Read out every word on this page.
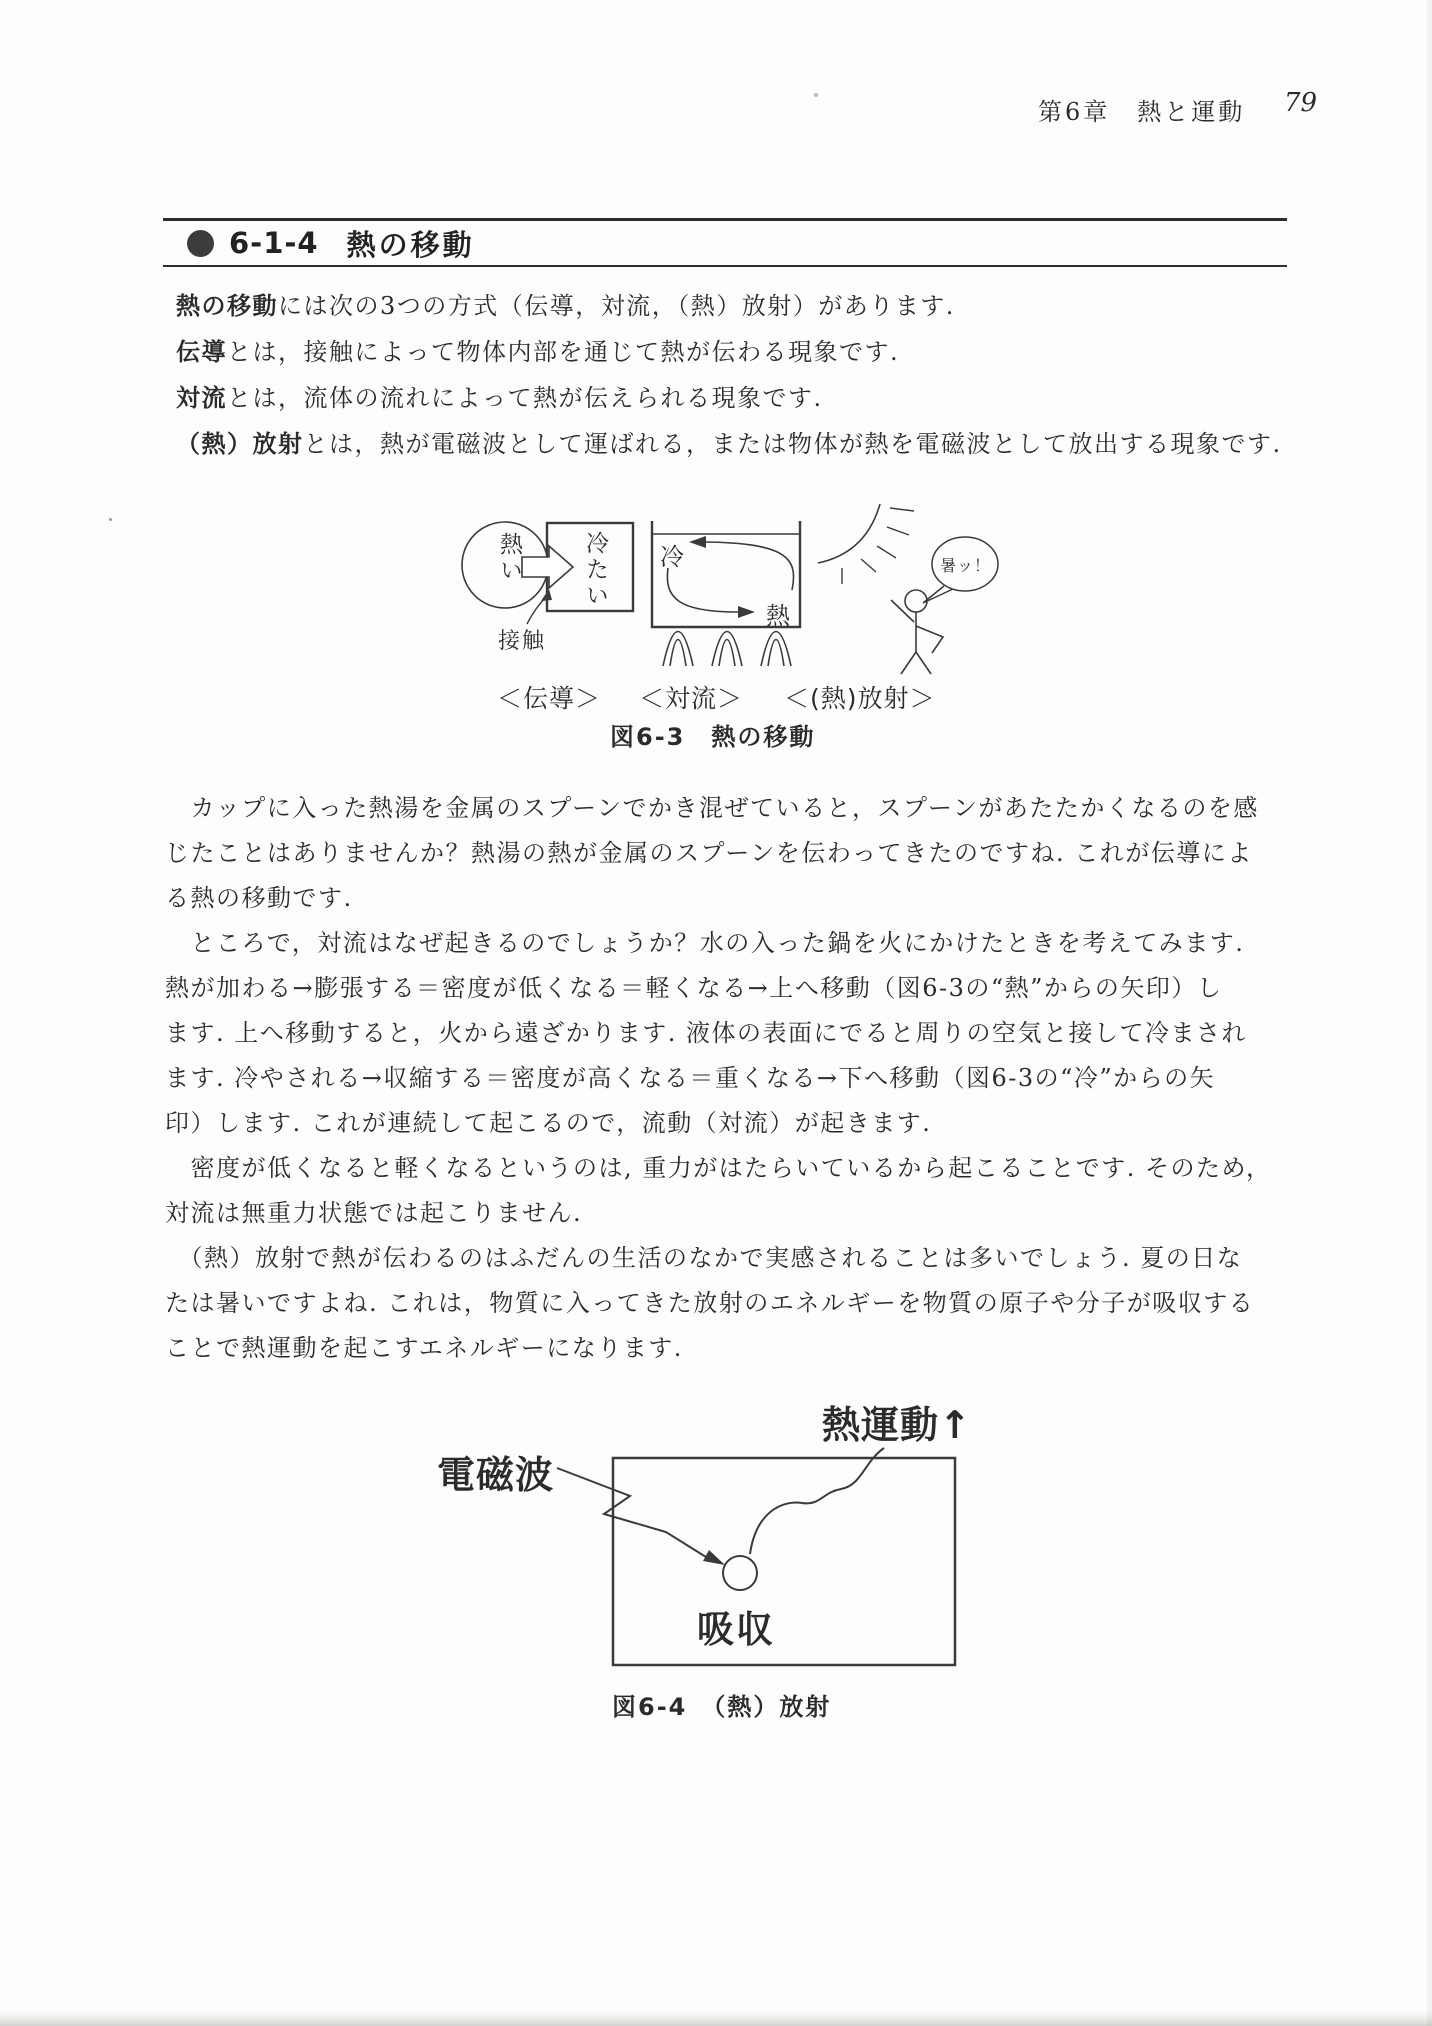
第6章　熱と運動 79
6-1-4 熱の移動
熱の移動には次の3つの方式（伝導，対流，（熱）放射）があります.
伝導とは，接触によって物体内部を通じて熱が伝わる現象です.
対流とは，流体の流れによって熱が伝えられる現象です.
（熱）放射とは，熱が電磁波として運ばれる，または物体が熱を電磁波として放出する現象です.
熱い	冷たい
接触
冷
熱
暑ッ！
＜伝導＞ ＜対流＞ ＜(熱)放射＞
図6-3　熱の移動
　カップに入った熱湯を金属のスプーンでかき混ぜていると，スプーンがあたたかくなるのを感
じたことはありませんか？熱湯の熱が金属のスプーンを伝わってきたのですね. これが伝導によ
る熱の移動です.
　ところで，対流はなぜ起きるのでしょうか？水の入った鍋を火にかけたときを考えてみます.
熱が加わる→膨張する＝密度が低くなる＝軽くなる→上へ移動（図6-3の“熱”からの矢印）し
ます. 上へ移動すると，火から遠ざかります. 液体の表面にでると周りの空気と接して冷まされ
ます. 冷やされる→収縮する＝密度が高くなる＝重くなる→下へ移動（図6-3の“冷”からの矢
印）します. これが連続して起こるので，流動（対流）が起きます.
　密度が低くなると軽くなるというのは, 重力がはたらいているから起こることです. そのため，
対流は無重力状態では起こりません.
　（熱）放射で熱が伝わるのはふだんの生活のなかで実感されることは多いでしょう. 夏の日な
たは暑いですよね. これは，物質に入ってきた放射のエネルギーを物質の原子や分子が吸収する
ことで熱運動を起こすエネルギーになります.
電磁波
熱運動↑
吸収
図6-4　（熱）放射
